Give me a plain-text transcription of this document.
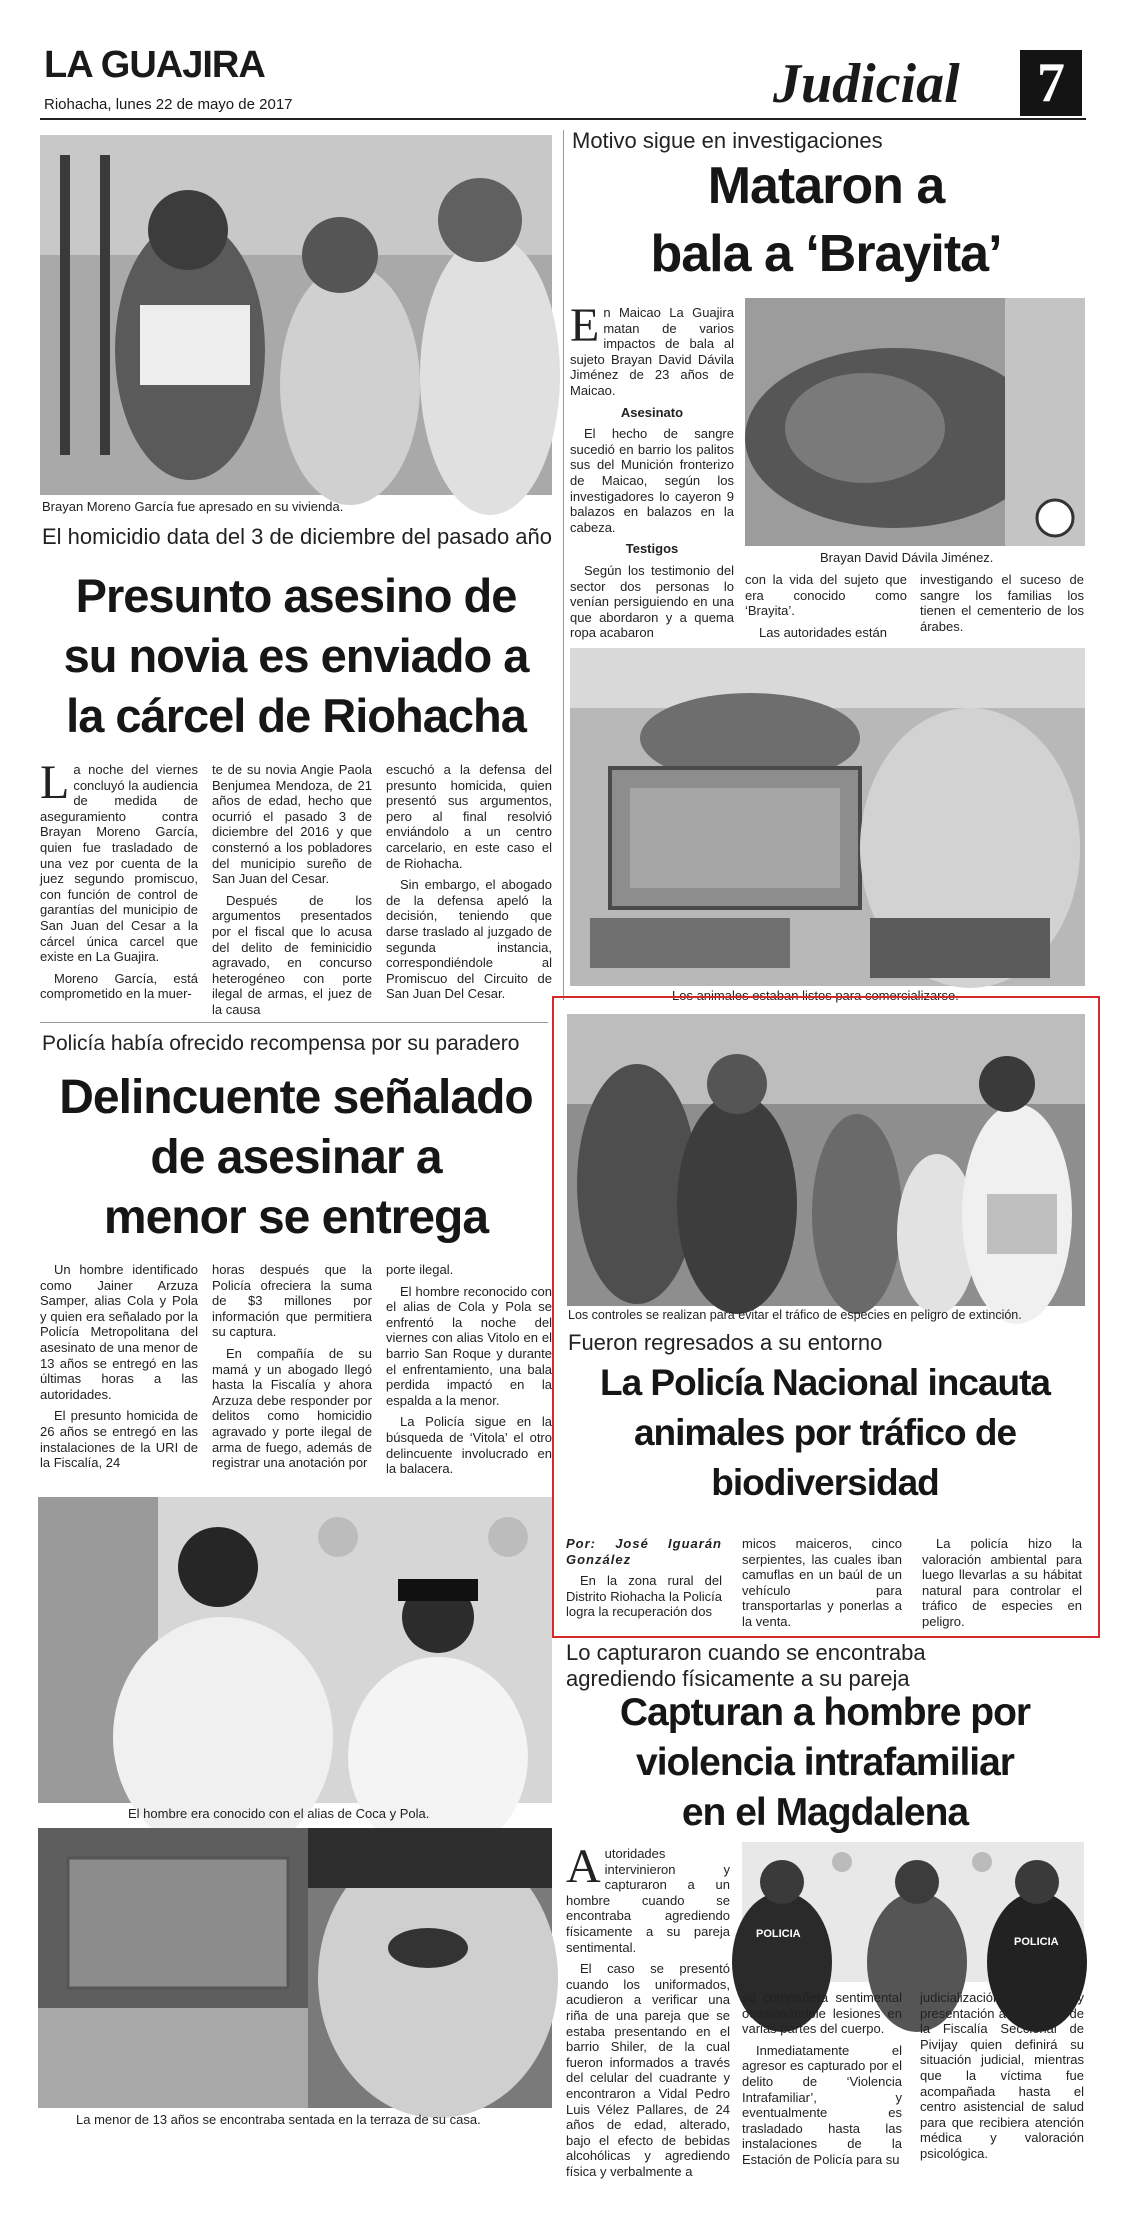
LA GUAJIRA
Riohacha, lunes 22 de mayo de 2017	Judicial	7
Brayan Moreno García fue apresado en su vivienda.
El homicidio data del 3 de diciembre del pasado año
Presunto asesino de
su novia es enviado a
la cárcel de Riohacha

La noche del viernes concluyó la audiencia de medida de aseguramiento contra Brayan Moreno García, quien fue trasladado de una vez por cuenta de la juez segundo promiscuo, con función de control de garantías del municipio de San Juan del Cesar a la cárcel única carcel que existe en La Guajira.

Moreno García, está comprometido en la muer-

te de su novia Angie Paola Benjumea Mendoza, de 21 años de edad, hecho que ocurrió el pasado 3 de diciembre del 2016 y que consternó a los pobladores del municipio sureño de San Juan del Cesar.

Después de los argumentos presentados por el fiscal que lo acusa del delito de feminicidio agravado, en concurso heterogéneo con porte ilegal de armas, el juez de la causa

escuchó a la defensa del presunto homicida, quien presentó sus argumentos, pero al final resolvió enviándolo a un centro carcelario, en este caso el de Riohacha.

Sin embargo, el abogado de la defensa apeló la decisión, teniendo que darse traslado al juzgado de segunda instancia, correspondiéndole al Promiscuo del Circuito de San Juan Del Cesar.

Motivo sigue en investigaciones
Mataron a
bala a ‘Brayita’

En Maicao La Guajira matan de varios impactos de bala al sujeto Brayan David Dávila Jiménez de 23 años de Maicao.

Asesinato

El hecho de sangre sucedió en barrio los palitos sus del Munición fronterizo de Maicao, según los investigadores lo cayeron 9 balazos en balazos en la cabeza.

Testigos

Según los testimonio del sector dos personas lo venían persiguiendo en una que abordaron y a quema ropa acabaron

Brayan David Dávila Jiménez.

con la vida del sujeto que era conocido como ‘Brayita’.

Las autoridades están

investigando el suceso de sangre los familias los tienen el cementerio de los árabes.

Los animales estaban listos para comercializarse.
Los controles se realizan para evitar el tráfico de especies en peligro de extinción.
Fueron regresados a su entorno
La Policía Nacional incauta
animales por tráfico de
biodiversidad

Por: José Iguarán González

En la zona rural del Distrito Riohacha la Policía logra la recuperación dos

micos maiceros, cinco serpientes, las cuales iban camuflas en un baúl de un vehículo para transportarlas y ponerlas a la venta.

La policía hizo la valoración ambiental para luego llevarlas a su hábitat natural para controlar el tráfico de especies en peligro.

Policía había ofrecido recompensa por su paradero
Delincuente señalado
de asesinar a
menor se entrega

Un hombre identificado como Jainer Arzuza Samper, alias Cola y Pola y quien era señalado por la Policía Metropolitana del asesinato de una menor de 13 años se entregó en las últimas horas a las autoridades.

El presunto homicida de 26 años se entregó en las instalaciones de la URI de la Fiscalía, 24

horas después que la Policía ofreciera la suma de $3 millones por información que permitiera su captura.

En compañía de su mamá y un abogado llegó hasta la Fiscalía y ahora Arzuza debe responder por delitos como homicidio agravado y porte ilegal de arma de fuego, además de registrar una anotación por

porte ilegal.

El hombre reconocido con el alias de Cola y Pola se enfrentó la noche del viernes con alias Vitolo en el barrio San Roque y durante el enfrentamiento, una bala perdida impactó en la espalda a la menor.

La Policía sigue en la búsqueda de ‘Vitola’ el otro delincuente involucrado en la balacera.

El hombre era conocido con el alias de Coca y Pola.
La menor de 13 años se encontraba sentada en la terraza de su casa.
Lo capturaron cuando se encontraba
agrediendo físicamente a su pareja
Capturan a hombre por
violencia intrafamiliar
en el Magdalena

Autoridades intervinieron y capturaron a un hombre cuando se encontraba agrediendo físicamente a su pareja sentimental.

El caso se presentó cuando los uniformados, acudieron a verificar una riña de una pareja que se estaba presentando en el barrio Shiler, de la cual fueron informados a través del celular del cuadrante y encontraron a Vidal Pedro Luis Vélez Pallares, de 24 años de edad, alterado, bajo el efecto de bebidas alcohólicas y agrediendo física y verbalmente a

POLICIA
POLICIA

su compañera sentimental ocasionándole lesiones en varias partes del cuerpo.

Inmediatamente el agresor es capturado por el delito de ‘Violencia Intrafamiliar’, y eventualmente es trasladado hasta las instalaciones de la Estación de Policía para su

judicialización y presentación ante la URI de la Fiscalía Seccional de Pivijay quien definirá su situación judicial, mientras que la víctima fue acompañada hasta el centro asistencial de salud para que recibiera atención médica y valoración psicológica.
